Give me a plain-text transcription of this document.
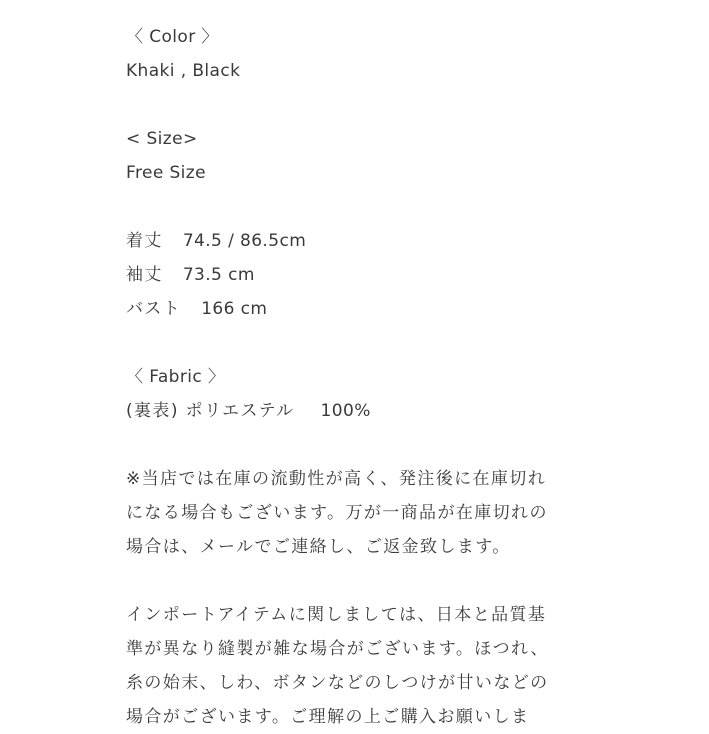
〈 Color 〉
Khaki , Black
< Size>
Free Size
着丈 74.5 / 86.5cm
袖丈 73.5 cm
バスト 166 cm
〈 Fabric 〉
(裏表) ポリエステル 100%
※当店では在庫の流動性が高く、発注後に在庫切れ
になる場合もございます。万が一商品が在庫切れの
場合は、メールでご連絡し、ご返金致します。
インポートアイテムに関しましては、日本と品質基
準が異なり縫製が雑な場合がございます。ほつれ、
糸の始末、しわ、ボタンなどのしつけが甘いなどの
場合がございます。ご理解の上ご購入お願いしま
